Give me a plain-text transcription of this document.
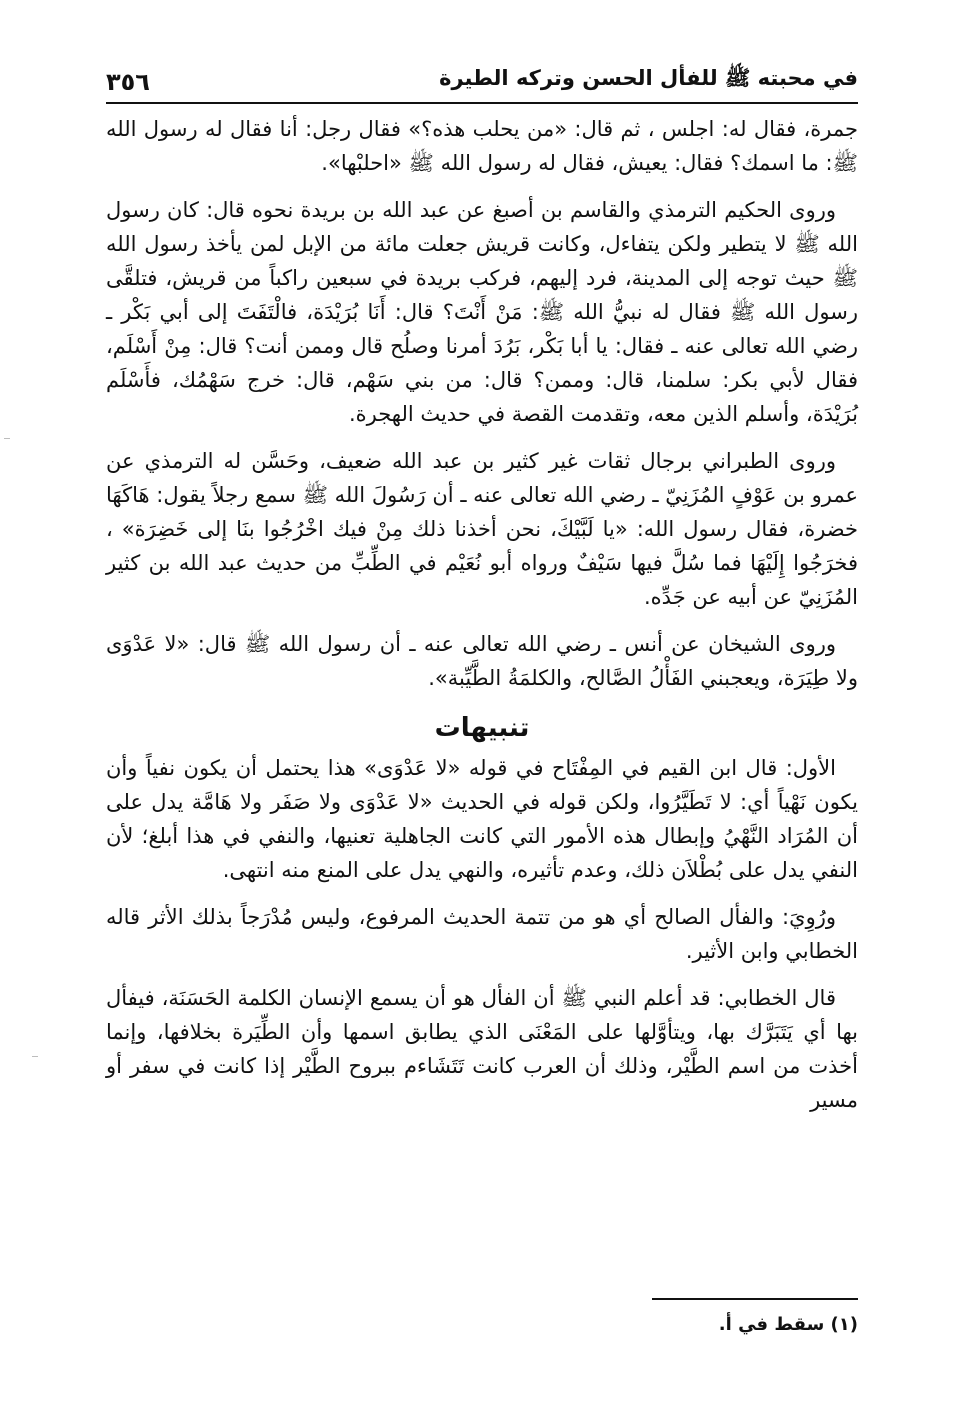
في محبته ﷺ للفأل الحسن وتركه الطيرة
٣٥٦

جمرة، فقال له: اجلس ، ثم قال: «من يحلب هذه؟» فقال رجل: أنا فقال له رسول الله ﷺ: ما اسمك؟ فقال: يعيش، فقال له رسول الله ﷺ «احلبْها».

وروى الحكيم الترمذي والقاسم بن أصبغ عن عبد الله بن بريدة نحوه قال: كان رسول الله ﷺ لا يتطير ولكن يتفاءل، وكانت قريش جعلت مائة من الإبل لمن يأخذ رسول الله ﷺ حيث توجه إلى المدينة، فرد إليهم، فركب بريدة في سبعين راكباً من قريش، فتلقَّى رسول الله ﷺ فقال له نبيُّ الله ﷺ: مَنْ أَنْتَ؟ قال: أَنَا بُرَيْدَة، فالْتَفَتَ إلى أبي بَكْر ـ رضي الله تعالى عنه ـ فقال: يا أبا بَكْر، بَرُدَ أمرنا وصلُح قال وممن أنت؟ قال: مِنْ أَسْلَم، فقال لأبي بكر: سلمنا، قال: وممن؟ قال: من بني سَهْم، قال: خرج سَهْمُك، فأَسْلَم بُرَيْدَة، وأسلم الذين معه، وتقدمت القصة في حديث الهجرة.

وروى الطبراني برجال ثقات غير كثير بن عبد الله ضعيف، وحَسَّن له الترمذي عن عمرو بن عَوْفٍ المُزَنِيّ ـ رضي الله تعالى عنه ـ أن رَسُولَ الله ﷺ سمع رجلاً يقول: هَاكَهَا خضرة، فقال رسول الله: «يا لَبَّيْكَ، نحن أخذنا ذلك مِنْ فيك اخْرُجُوا بنَا إلى خَضِرَة» ، فخرَجُوا إِلَيْهَا فما سُلَّ فيها سَيْفٌ ورواه أبو نُعَيْم في الطِّبِّ من حديث عبد الله بن كثير المُزَنِيّ عن أبيه عن جَدِّه.

وروى الشيخان عن أنس ـ رضي الله تعالى عنه ـ أن رسول الله ﷺ قال: «لا عَدْوَى ولا طِيَرَة، ويعجبني الفَأْلُ الصَّالح، والكلمَةُ الطَّيِّبة».

تنبيهات

الأول: قال ابن القيم في المِفْتَاح في قوله «لا عَدْوَى» هذا يحتمل أن يكون نفياً وأن يكون نَهْياً أي: لا تَطَيَّرُوا، ولكن قوله في الحديث «لا عَدْوَى ولا صَفَر ولا هَامَّة يدل على أن المُرَاد النَّهْيُ وإبطال هذه الأمور التي كانت الجاهلية تعنيها، والنفي في هذا أبلغ؛ لأن النفي يدل على بُطْلاَن ذلك، وعدم تأثيره، والنهي يدل على المنع منه انتهى.

ورُوِيَ: والفأل الصالح أي هو من تتمة الحديث المرفوع، وليس مُدْرَجاً بذلك الأثر قاله الخطابي وابن الأثير.

قال الخطابي: قد أعلم النبي ﷺ أن الفأل هو أن يسمع الإنسان الكلمة الحَسَنَة، فيفأل بها أي يَتَبَرَّك بها، ويتأوَّلها على المَعْنَى الذي يطابق اسمها وأن الطِّيَرة بخلافها، وإنما أخذت من اسم الطَّيْر، وذلك أن العرب كانت تَتَشَاءم ببروح الطَّيْر إذا كانت في سفر أو مسير

(١) سقط في أ.
